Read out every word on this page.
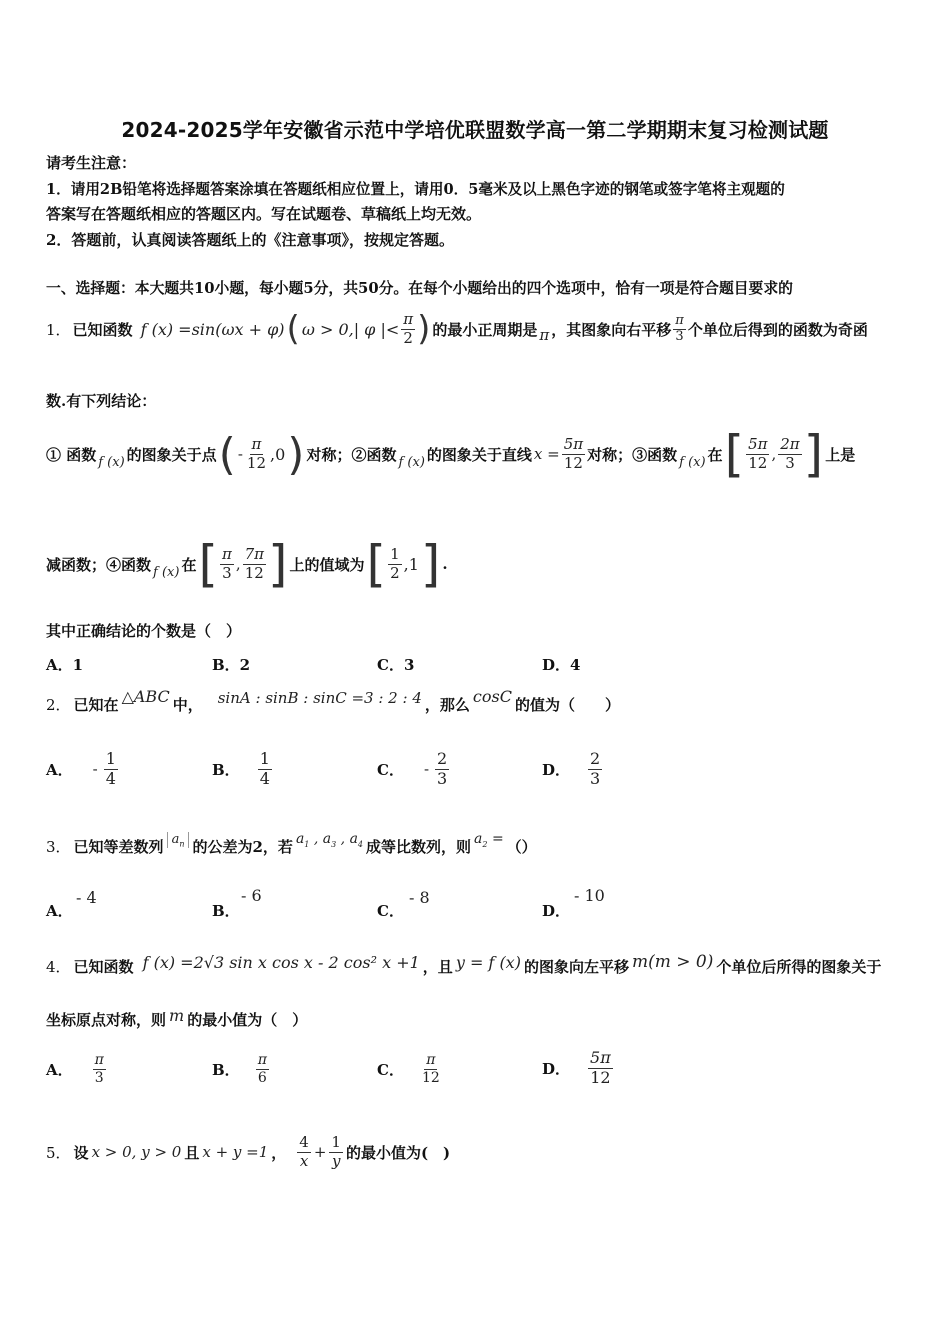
2024-2025学年安徽省示范中学培优联盟数学高一第二学期期末复习检测试题
请考生注意：
1．请用2B铅笔将选择题答案涂填在答题纸相应位置上，请用0．5毫米及以上黑色字迹的钢笔或签字笔将主观题的
答案写在答题纸相应的答题区内。写在试题卷、草稿纸上均无效。
2．答题前，认真阅读答题纸上的《注意事项》，按规定答题。
一、选择题：本大题共10小题，每小题5分，共50分。在每个小题给出的四个选项中，恰有一项是符合题目要求的
1． 已知函数 f (x) =sin(ωx + φ) ( ω > 0,| φ |< $\frac{\pi}{2}$ ) 的最小正周期是 π ，其图象向右平移 $\frac{\pi}{3}$ 个单位后得到的函数为奇函
数.有下列结论：
① 函数 f (x) 的图象关于点 ( - $\frac{\pi}{12} ,0$ ) 对称；②函数 f (x) 的图象关于直线 $x = \frac{5\pi}{12}$ 对称；③函数 f (x) 在 [ $\frac{5\pi}{12}$ , $\frac{2\pi}{3}$ ] 上是
减函数；④函数 f (x) 在 [ $\frac{\pi}{3}$ , $\frac{7\pi}{12}$ ] 上的值域为 [ $\frac{1}{2} ,1$ ] .
其中正确结论的个数是（　）
A．1	B．2	C．3	D．4
2． 已知在 △ABC 中， sinA : sinB : sinC =3 : 2 : 4 ，那么 cosC 的值为（　　）
A． - $\frac{1}{4}$	B． $\frac{1}{4}$	C． - $\frac{2}{3}$	D． $\frac{2}{3}$
3． 已知等差数列 $a_n$ 的公差为2，若 $a_1$ , $a_3$ , $a_4$ 成等比数列，则 $a_2$ = （）
A．
- 4
B．
- 6
C．
- 8
D．
- 10
4． 已知函数 f (x) =2√3 sin x cos x - 2 cos² x +1 ，且 y = f (x) 的图象向左平移 m(m > 0) 个单位后所得的图象关于
坐标原点对称，则 m 的最小值为（　）
A． $\frac{\pi}{3}$	B． $\frac{\pi}{6}$	C． $\frac{\pi}{12}$	D． $\frac{5\pi}{12}$
5． 设 x > 0, y > 0 且 x + y =1 ， $\frac{4}{x} + \frac{1}{y}$ 的最小值为(　)
